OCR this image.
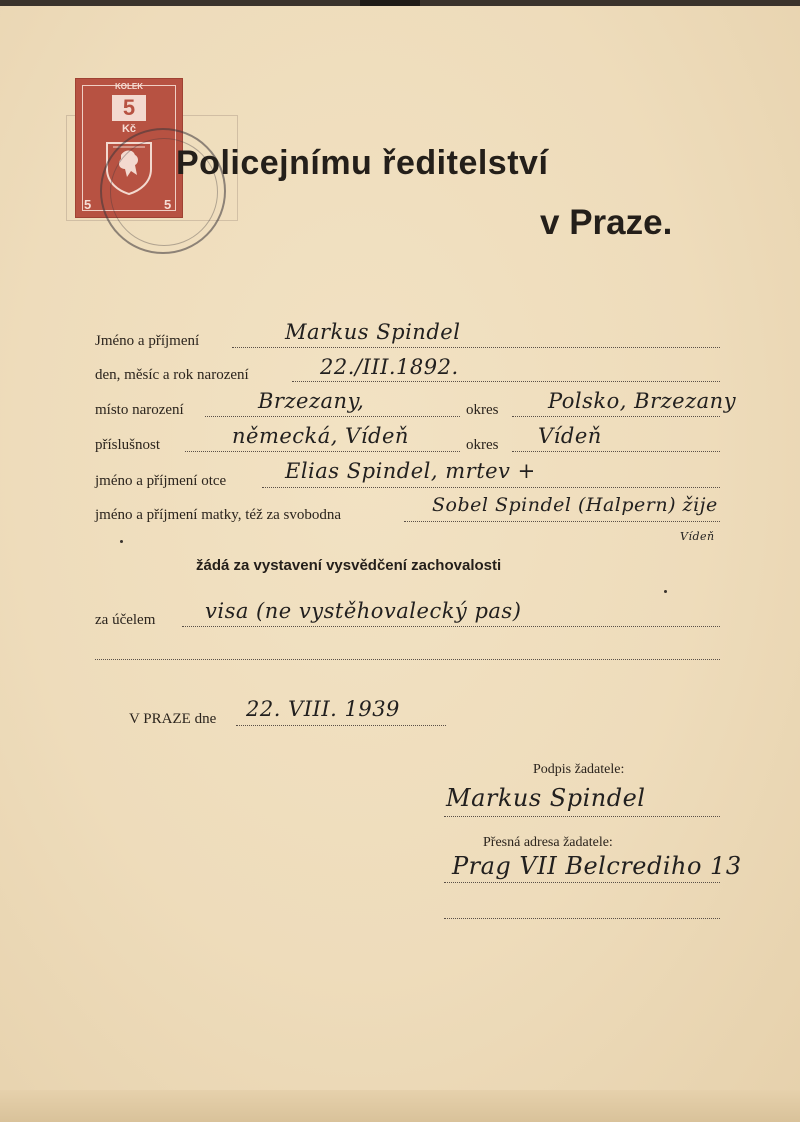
KOLEK
5
Kč
5	5
Policejnímu ředitelství
v Praze.
Jméno a příjmení	Markus Spindel
den, měsíc a rok narození	22./III.1892.
místo narození	Brzezany,	okres Polsko, Brzezany
příslušnost	německá, Vídeň	okres Vídeň
jméno a příjmení otce	Elias Spindel, mrtev +
jméno a příjmení matky, též za svobodna	Sobel Spindel (Halpern) žije
Vídeň
žádá za vystavení vysvědčení zachovalosti
za účelem visa (ne vystěhovalecký pas)
V PRAZE dne 22. VIII. 1939
Podpis žadatele:
Markus Spindel
Přesná adresa žadatele:
Prag VII Belcrediho 13
